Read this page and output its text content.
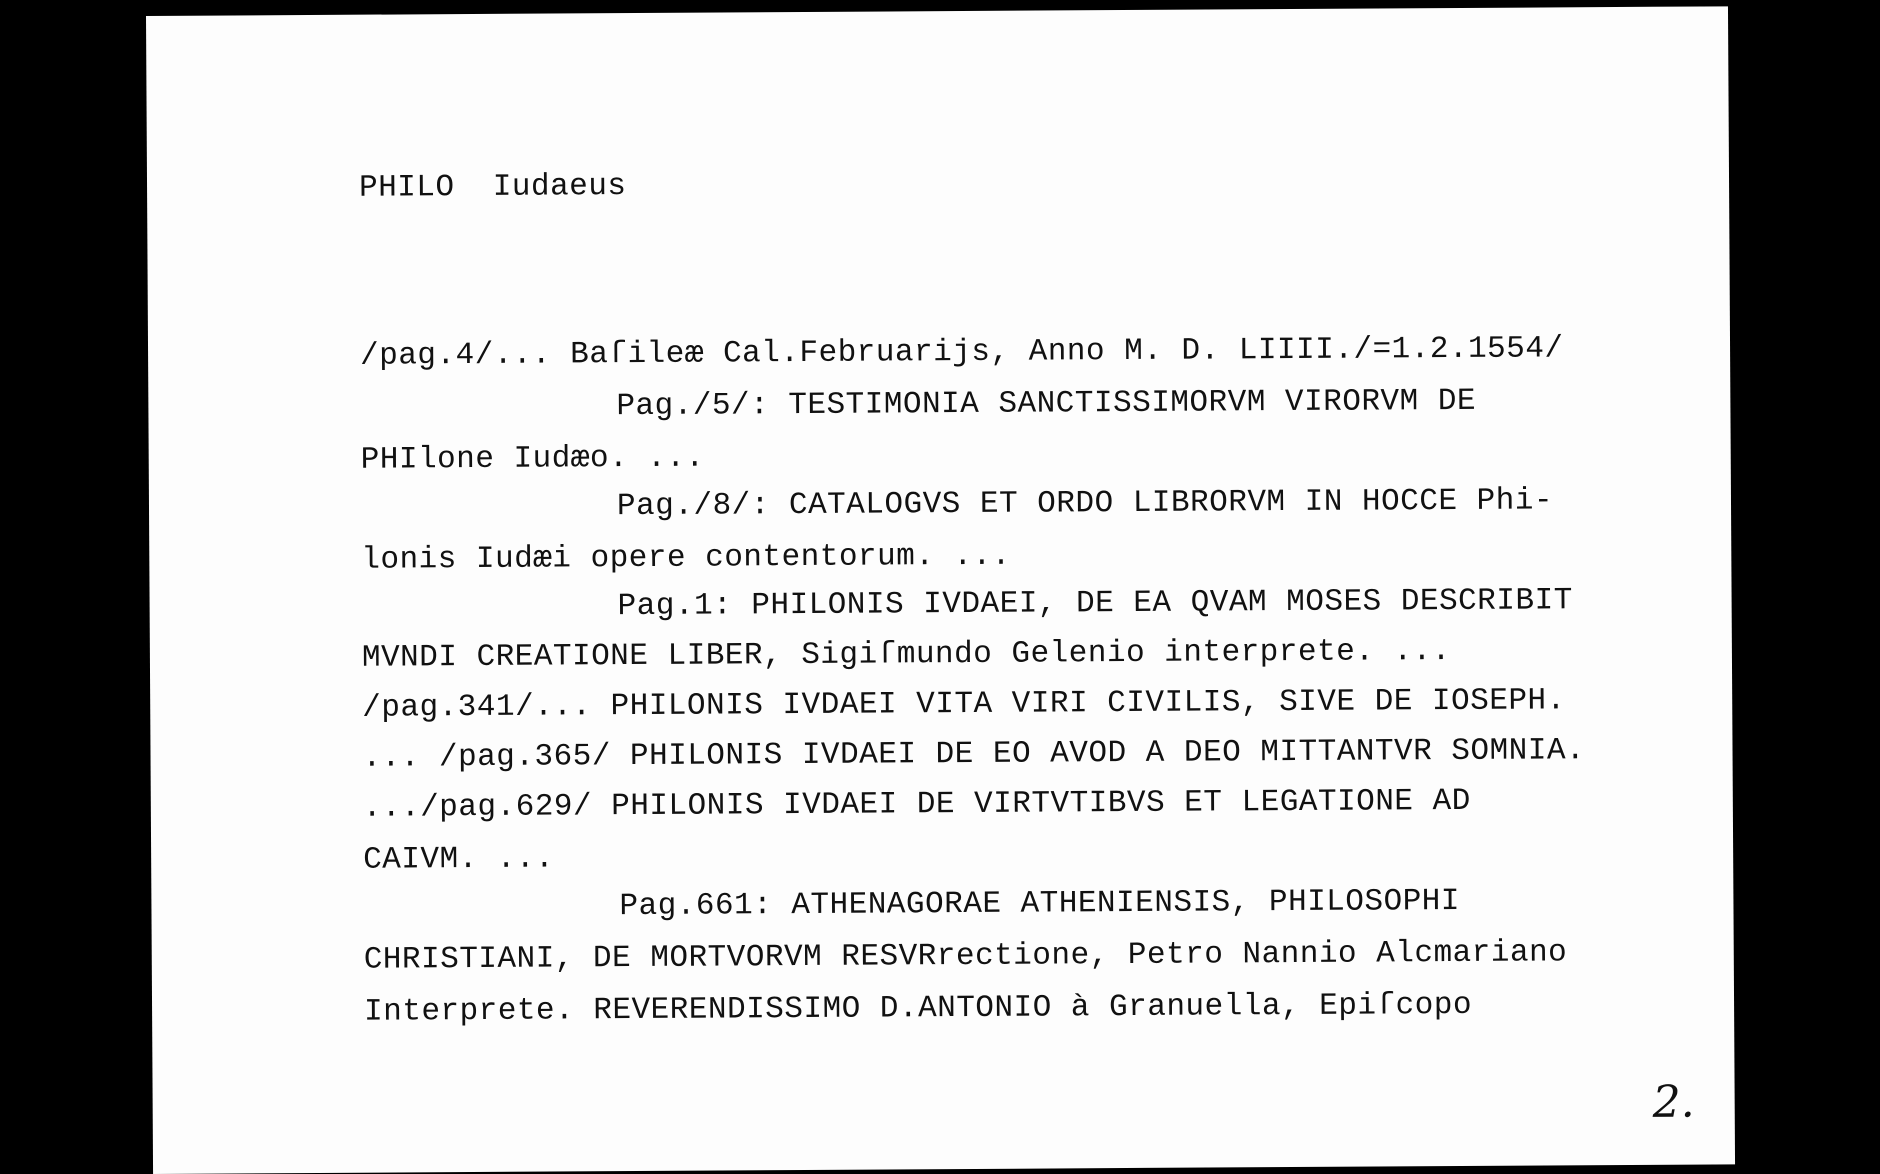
PHILO  Iudaeus
/pag.4/... Baſileæ Cal.Februarijs, Anno M. D. LIIII./=1.2.1554/
Pag./5/: TESTIMONIA SANCTISSIMORVM VIRORVM DE
PHIlone Iudæo. ...
Pag./8/: CATALOGVS ET ORDO LIBRORVM IN HOCCE Phi-
lonis Iudæi opere contentorum. ...
Pag.1: PHILONIS IVDAEI, DE EA QVAM MOSES DESCRIBIT
MVNDI CREATIONE LIBER, Sigiſmundo Gelenio interprete. ...
/pag.341/... PHILONIS IVDAEI VITA VIRI CIVILIS, SIVE DE IOSEPH.
... /pag.365/ PHILONIS IVDAEI DE EO AVOD A DEO MITTANTVR SOMNIA.
.../pag.629/ PHILONIS IVDAEI DE VIRTVTIBVS ET LEGATIONE AD
CAIVM. ...
Pag.661: ATHENAGORAE ATHENIENSIS, PHILOSOPHI
CHRISTIANI, DE MORTVORVM RESVRrectione, Petro Nannio Alcmariano
Interprete. REVERENDISSIMO D.ANTONIO à Granuella, Epiſcopo
2.
